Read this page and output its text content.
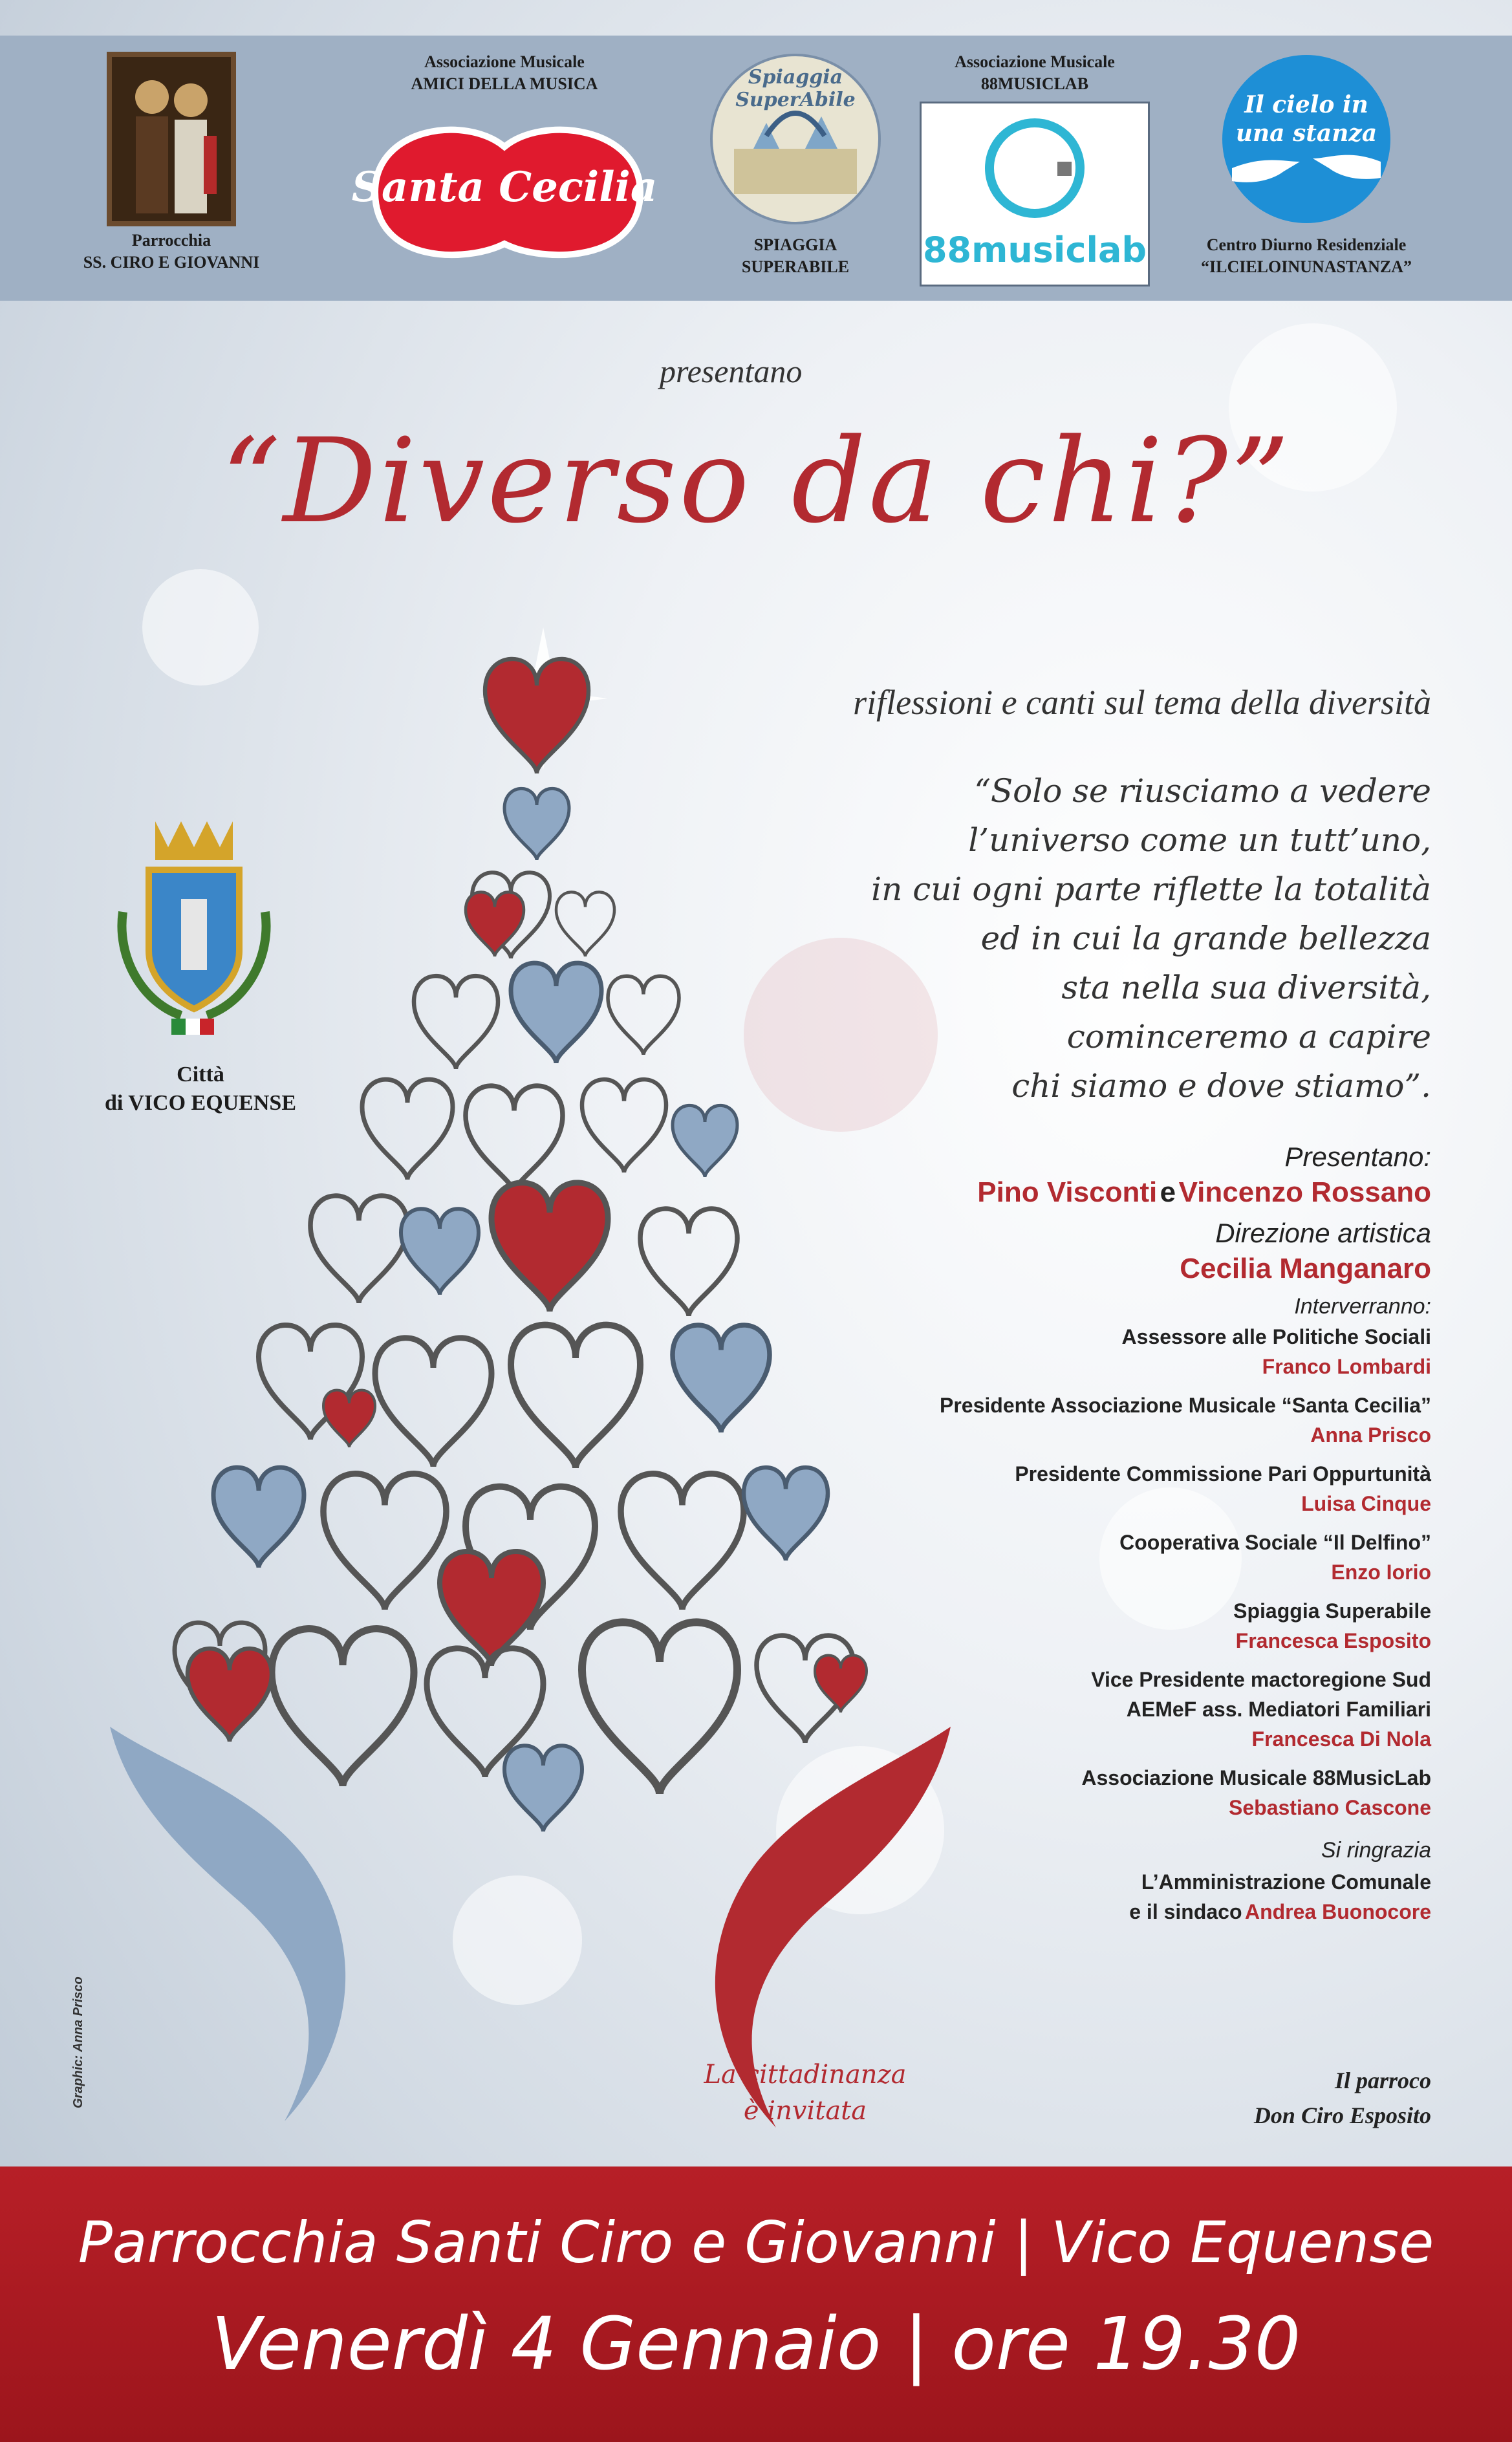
Parrocchia
SS. CIRO E GIOVANNI
Associazione Musicale
AMICI DELLA MUSICA
Santa Cecilia
Spiaggia SuperAbile
SPIAGGIA
SUPERABILE
Associazione Musicale
88MUSICLAB
88musiclab
Il cielo in
una stanza
Centro Diurno Residenziale
“ILCIELOINUNASTANZA”
presentano
“Diverso da chi?”
riflessioni e canti sul tema della diversità
“Solo se riusciamo a vedere
l’universo come un tutt’uno,
in cui ogni parte riflette la totalità
ed in cui la grande bellezza
sta nella sua diversità,
cominceremo a capire
chi siamo e dove stiamo”.
Città
di VICO EQUENSE
Presentano:
Pino Visconti e Vincenzo Rossano
Direzione artistica
Cecilia Manganaro
Interverranno:
Assessore alle Politiche Sociali
Franco Lombardi
Presidente Associazione Musicale “Santa Cecilia”
Anna Prisco
Presidente Commissione Pari Oppurtunità
Luisa Cinque
Cooperativa Sociale “Il Delfino”
Enzo Iorio
Spiaggia Superabile
Francesca Esposito
Vice Presidente mactoregione Sud
AEMeF ass. Mediatori Familiari
Francesca Di Nola
Associazione Musicale 88MusicLab
Sebastiano Cascone
Si ringrazia
L’Amministrazione Comunale
e il sindaco Andrea Buonocore
La cittadinanza
è invitata
Il parroco
Don Ciro Esposito
Graphic: Anna Prisco
Parrocchia Santi Ciro e Giovanni | Vico Equense
Venerdì 4 Gennaio | ore 19.30
